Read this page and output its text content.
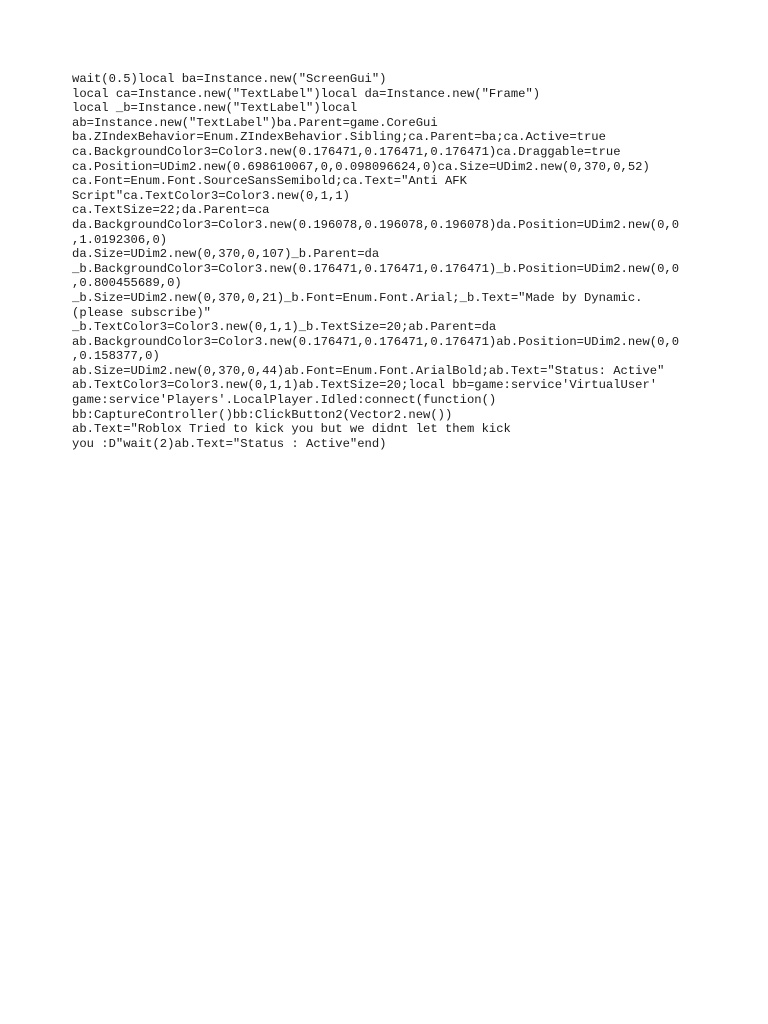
wait(0.5)local ba=Instance.new("ScreenGui")
local ca=Instance.new("TextLabel")local da=Instance.new("Frame")
local _b=Instance.new("TextLabel")local
ab=Instance.new("TextLabel")ba.Parent=game.CoreGui
ba.ZIndexBehavior=Enum.ZIndexBehavior.Sibling;ca.Parent=ba;ca.Active=true
ca.BackgroundColor3=Color3.new(0.176471,0.176471,0.176471)ca.Draggable=true
ca.Position=UDim2.new(0.698610067,0,0.098096624,0)ca.Size=UDim2.new(0,370,0,52)
ca.Font=Enum.Font.SourceSansSemibold;ca.Text="Anti AFK
Script"ca.TextColor3=Color3.new(0,1,1)
ca.TextSize=22;da.Parent=ca
da.BackgroundColor3=Color3.new(0.196078,0.196078,0.196078)da.Position=UDim2.new(0,0
,1.0192306,0)
da.Size=UDim2.new(0,370,0,107)_b.Parent=da
_b.BackgroundColor3=Color3.new(0.176471,0.176471,0.176471)_b.Position=UDim2.new(0,0
,0.800455689,0)
_b.Size=UDim2.new(0,370,0,21)_b.Font=Enum.Font.Arial;_b.Text="Made by Dynamic.
(please subscribe)"
_b.TextColor3=Color3.new(0,1,1)_b.TextSize=20;ab.Parent=da
ab.BackgroundColor3=Color3.new(0.176471,0.176471,0.176471)ab.Position=UDim2.new(0,0
,0.158377,0)
ab.Size=UDim2.new(0,370,0,44)ab.Font=Enum.Font.ArialBold;ab.Text="Status: Active"
ab.TextColor3=Color3.new(0,1,1)ab.TextSize=20;local bb=game:service'VirtualUser'
game:service'Players'.LocalPlayer.Idled:connect(function()
bb:CaptureController()bb:ClickButton2(Vector2.new())
ab.Text="Roblox Tried to kick you but we didnt let them kick
you :D"wait(2)ab.Text="Status : Active"end)
